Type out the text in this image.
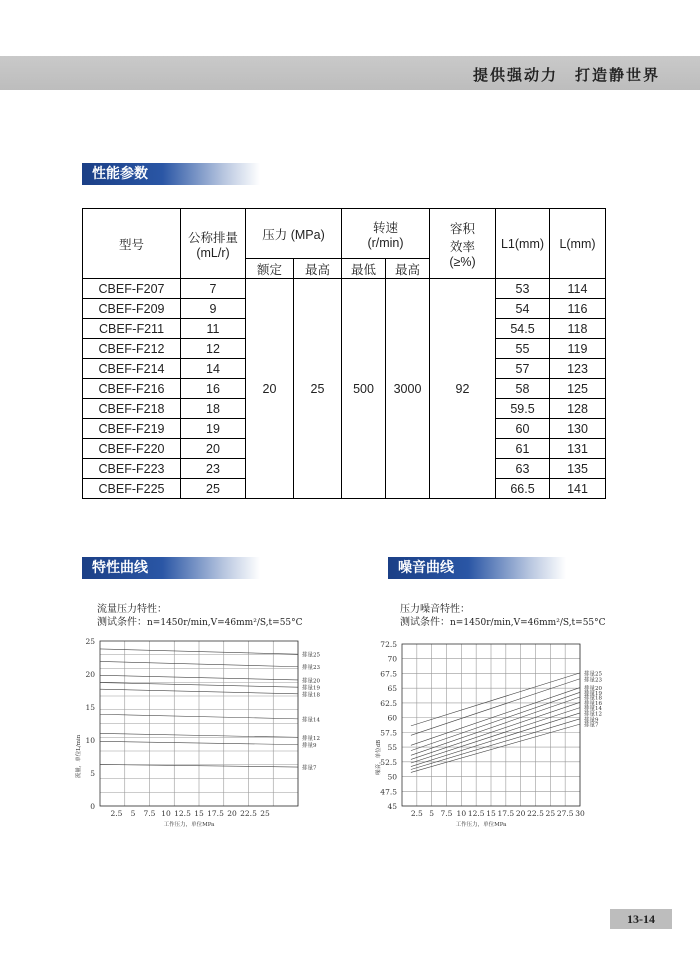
提供强动力　打造静世界
性能参数
型号	公称排量 (mL/r)	压力 (MPa)		转速 (r/min)		容积 效率 (≥%)	L1(mm)	L(mm)
		额定	最高	最低	最高			
CBEF-F207	7	20	25	500	3000	92	53	114
CBEF-F209	9						54	116
CBEF-F211	11						54.5	118
CBEF-F212	12						55	119
CBEF-F214	14						57	123
CBEF-F216	16						58	125
CBEF-F218	18						59.5	128
CBEF-F219	19						60	130
CBEF-F220	20						61	131
CBEF-F223	23						63	135
CBEF-F225	25						66.5	141
特性曲线	噪音曲线
流量压力特性：
测试条件：n=1450r/min,V=46mm²/S,t=55°C
压力噪音特性：
测试条件：n=1450r/min,V=46mm²/S,t=55°C
0
5
10
15
20
25
2.5 5 7.5 10 12.5 15 17.5 20 22.5 25
工作压力，单位MPa
流量，单位L/min
排量25
排量23
排量20
排量19
排量18
排量14
排量12
排量9
排量7
45
47.5
50
52.5
55
57.5
60
62.5
65
67.5
70
72.5
2.5 5 7.5 10 12.5 15 17.5 20 22.5 25 27.5 30
工作压力，单位MPa
噪音，单位dB
排量25
排量23
排量20
排量19
排量18
排量16
排量14
排量12
排量9
排量7
13-14
